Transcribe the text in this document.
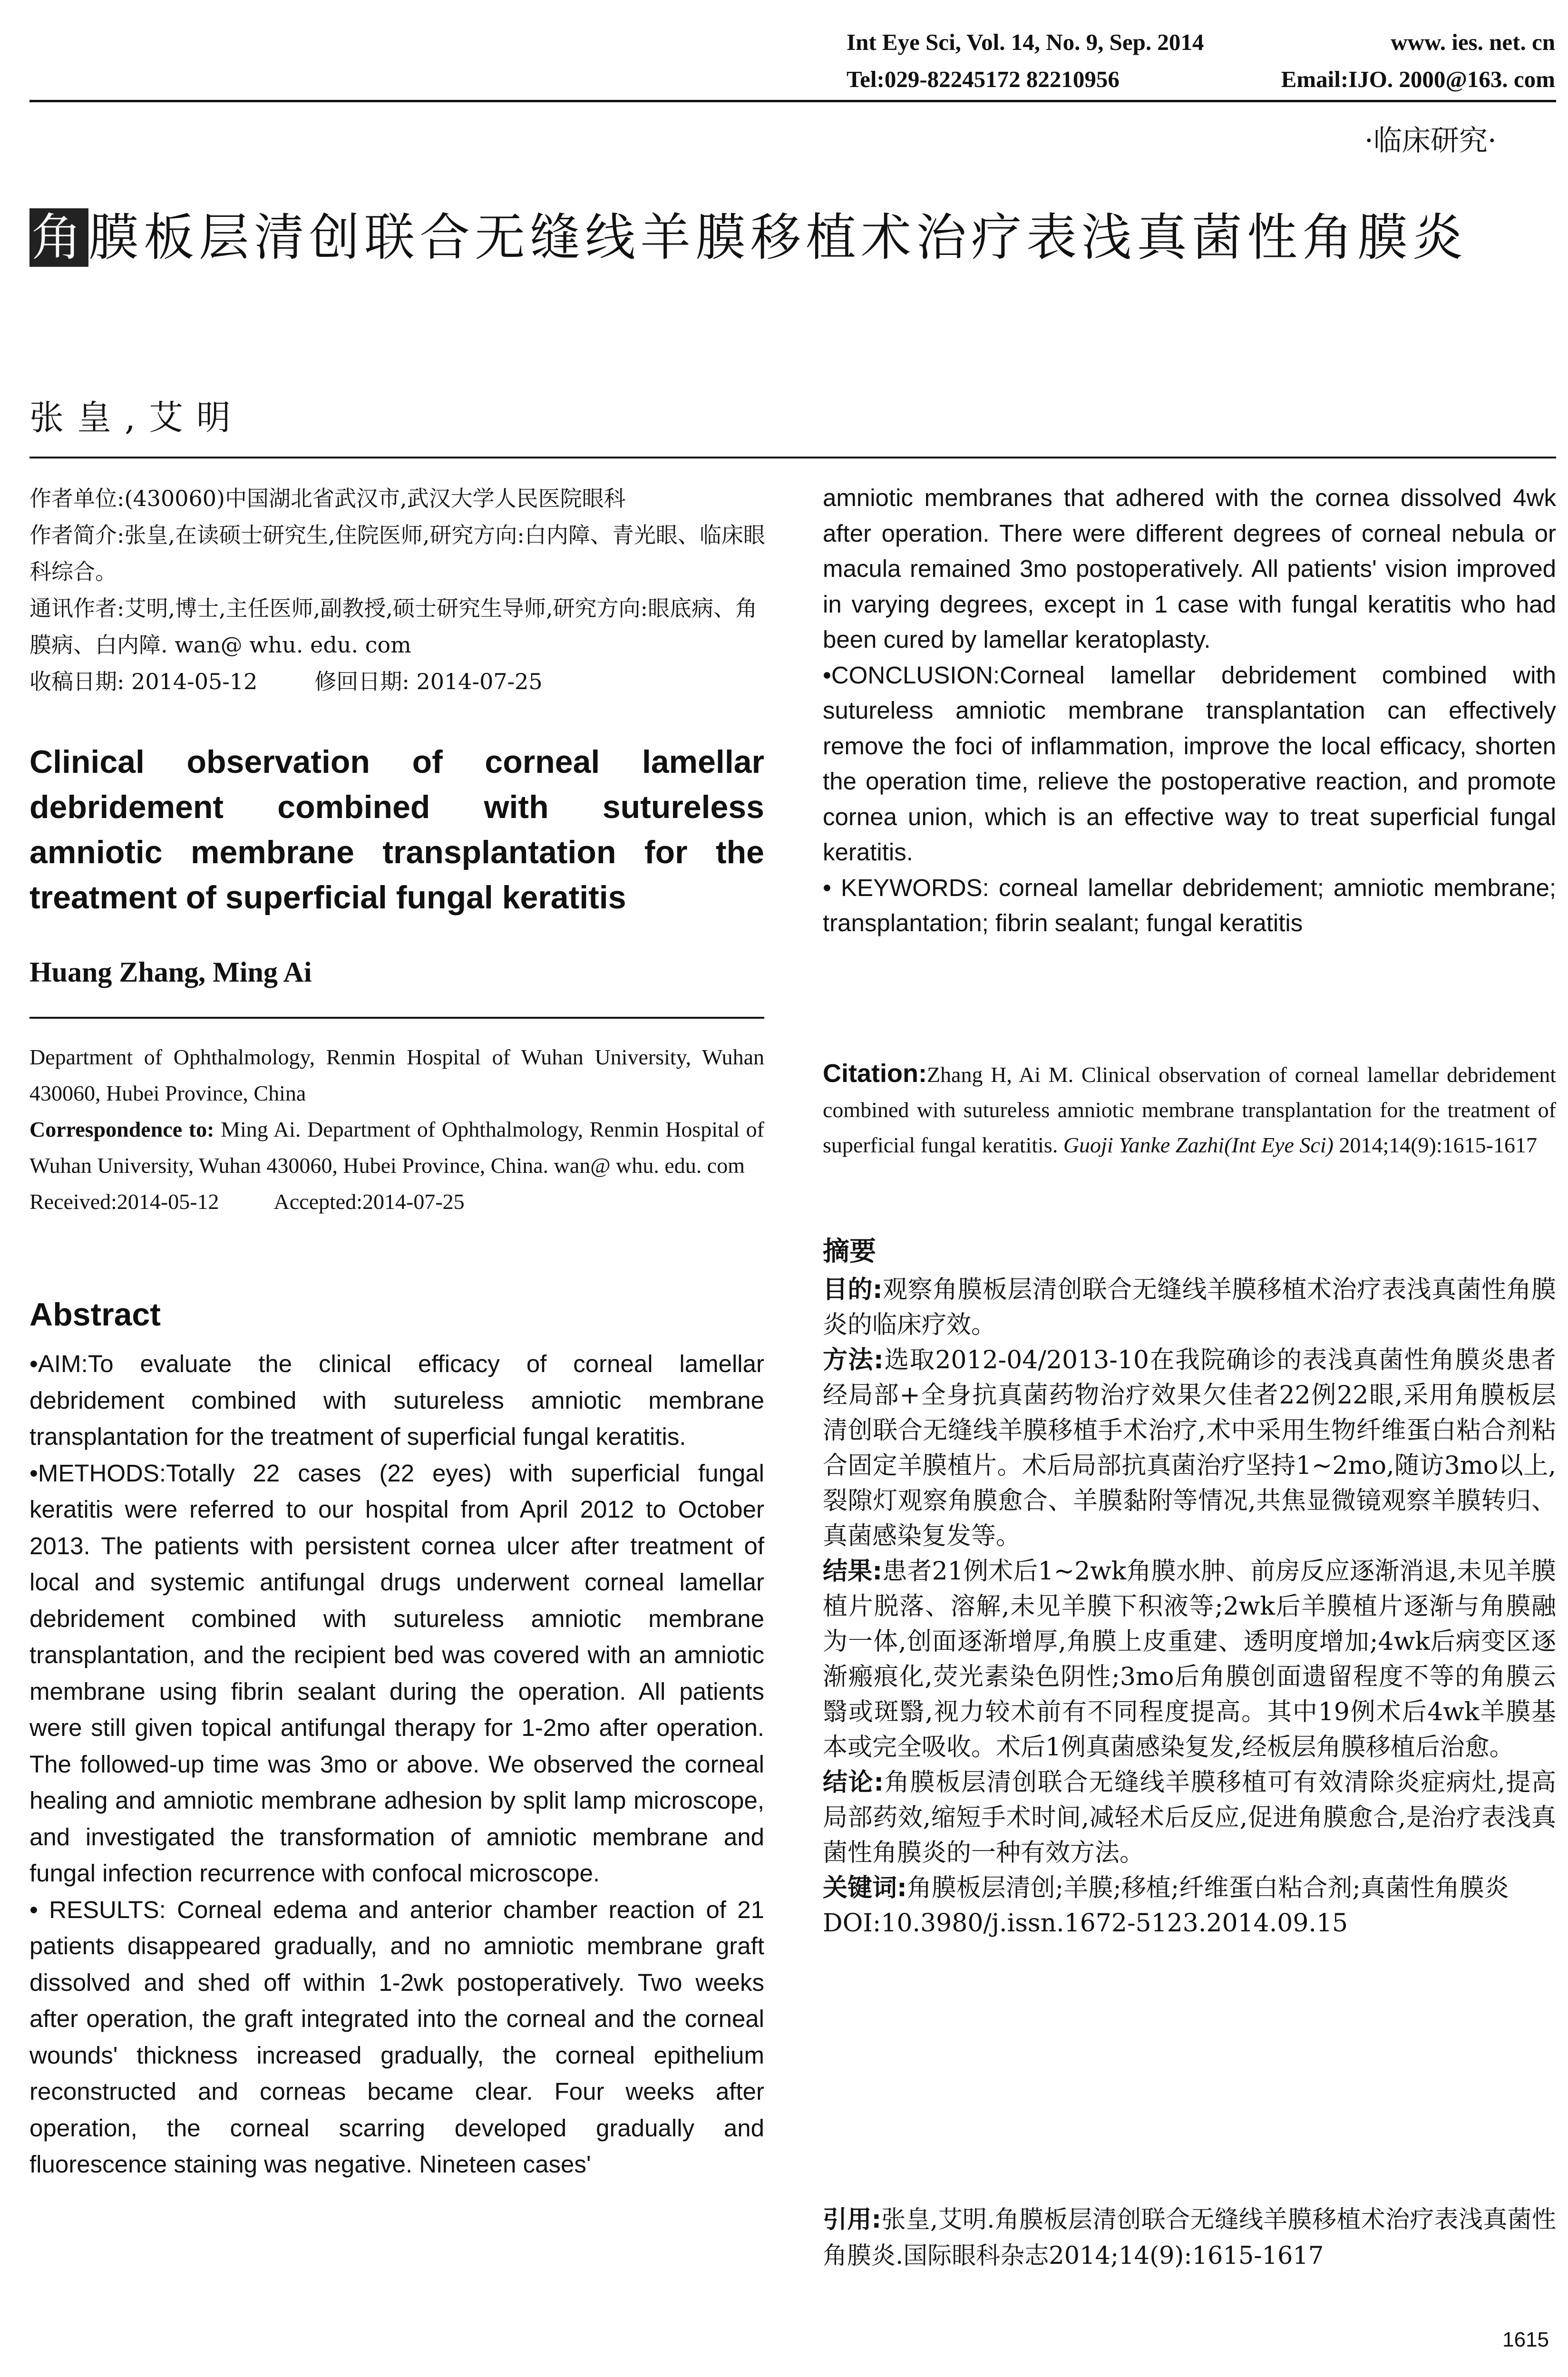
Int Eye Sci, Vol. 14, No. 9, Sep. 2014	www. ies. net. cn
Tel:029-82245172 82210956	Email:IJO. 2000@163. com
·临床研究·
角膜板层清创联合无缝线羊膜移植术治疗表浅真菌性角膜炎
张皇,艾明

作者单位:(430060)中国湖北省武汉市,武汉大学人民医院眼科

作者简介:张皇,在读硕士研究生,住院医师,研究方向:白内障、青光眼、临床眼科综合。

通讯作者:艾明,博士,主任医师,副教授,硕士研究生导师,研究方向:眼底病、角膜病、白内障. wan@ whu. edu. com

收稿日期: 2014-05-12	修回日期: 2014-07-25

Clinical observation of corneal lamellar
debridement combined with sutureless
amniotic membrane transplantation for the
treatment of superficial fungal keratitis
Huang Zhang, Ming Ai

Department of Ophthalmology, Renmin Hospital of Wuhan University, Wuhan 430060, Hubei Province, China

Correspondence to: Ming Ai. Department of Ophthalmology, Renmin Hospital of Wuhan University, Wuhan 430060, Hubei Province, China. wan@ whu. edu. com

Received:2014-05-12	Accepted:2014-07-25

Abstract

•AIM:To evaluate the clinical efficacy of corneal lamellar debridement combined with sutureless amniotic membrane transplantation for the treatment of superficial fungal keratitis.

•METHODS:Totally 22 cases (22 eyes) with superficial fungal keratitis were referred to our hospital from April 2012 to October 2013. The patients with persistent cornea ulcer after treatment of local and systemic antifungal drugs underwent corneal lamellar debridement combined with sutureless amniotic membrane transplantation, and the recipient bed was covered with an amniotic membrane using fibrin sealant during the operation. All patients were still given topical antifungal therapy for 1-2mo after operation. The followed-up time was 3mo or above. We observed the corneal healing and amniotic membrane adhesion by split lamp microscope, and investigated the transformation of amniotic membrane and fungal infection recurrence with confocal microscope.

• RESULTS: Corneal edema and anterior chamber reaction of 21 patients disappeared gradually, and no amniotic membrane graft dissolved and shed off within 1-2wk postoperatively. Two weeks after operation, the graft integrated into the corneal and the corneal wounds' thickness increased gradually, the corneal epithelium reconstructed and corneas became clear. Four weeks after operation, the corneal scarring developed gradually and fluorescence staining was negative. Nineteen cases'

amniotic membranes that adhered with the cornea dissolved 4wk after operation. There were different degrees of corneal nebula or macula remained 3mo postoperatively. All patients' vision improved in varying degrees, except in 1 case with fungal keratitis who had been cured by lamellar keratoplasty.

•CONCLUSION:Corneal lamellar debridement combined with sutureless amniotic membrane transplantation can effectively remove the foci of inflammation, improve the local efficacy, shorten the operation time, relieve the postoperative reaction, and promote cornea union, which is an effective way to treat superficial fungal keratitis.

• KEYWORDS: corneal lamellar debridement; amniotic membrane; transplantation; fibrin sealant; fungal keratitis

Citation:Zhang H, Ai M. Clinical observation of corneal lamellar debridement combined with sutureless amniotic membrane transplantation for the treatment of superficial fungal keratitis. Guoji Yanke Zazhi(Int Eye Sci) 2014;14(9):1615-1617

摘要

目的:观察角膜板层清创联合无缝线羊膜移植术治疗表浅真菌性角膜炎的临床疗效。

方法:选取2012-04/2013-10在我院确诊的表浅真菌性角膜炎患者经局部+全身抗真菌药物治疗效果欠佳者22例22眼,采用角膜板层清创联合无缝线羊膜移植手术治疗,术中采用生物纤维蛋白粘合剂粘合固定羊膜植片。术后局部抗真菌治疗坚持1~2mo,随访3mo以上,裂隙灯观察角膜愈合、羊膜黏附等情况,共焦显微镜观察羊膜转归、真菌感染复发等。

结果:患者21例术后1~2wk角膜水肿、前房反应逐渐消退,未见羊膜植片脱落、溶解,未见羊膜下积液等;2wk后羊膜植片逐渐与角膜融为一体,创面逐渐增厚,角膜上皮重建、透明度增加;4wk后病变区逐渐瘢痕化,荧光素染色阴性;3mo后角膜创面遗留程度不等的角膜云翳或斑翳,视力较术前有不同程度提高。其中19例术后4wk羊膜基本或完全吸收。术后1例真菌感染复发,经板层角膜移植后治愈。

结论:角膜板层清创联合无缝线羊膜移植可有效清除炎症病灶,提高局部药效,缩短手术时间,减轻术后反应,促进角膜愈合,是治疗表浅真菌性角膜炎的一种有效方法。

关键词:角膜板层清创;羊膜;移植;纤维蛋白粘合剂;真菌性角膜炎

DOI:10.3980/j.issn.1672-5123.2014.09.15

引用:张皇,艾明.角膜板层清创联合无缝线羊膜移植术治疗表浅真菌性角膜炎.国际眼科杂志2014;14(9):1615-1617

1615
